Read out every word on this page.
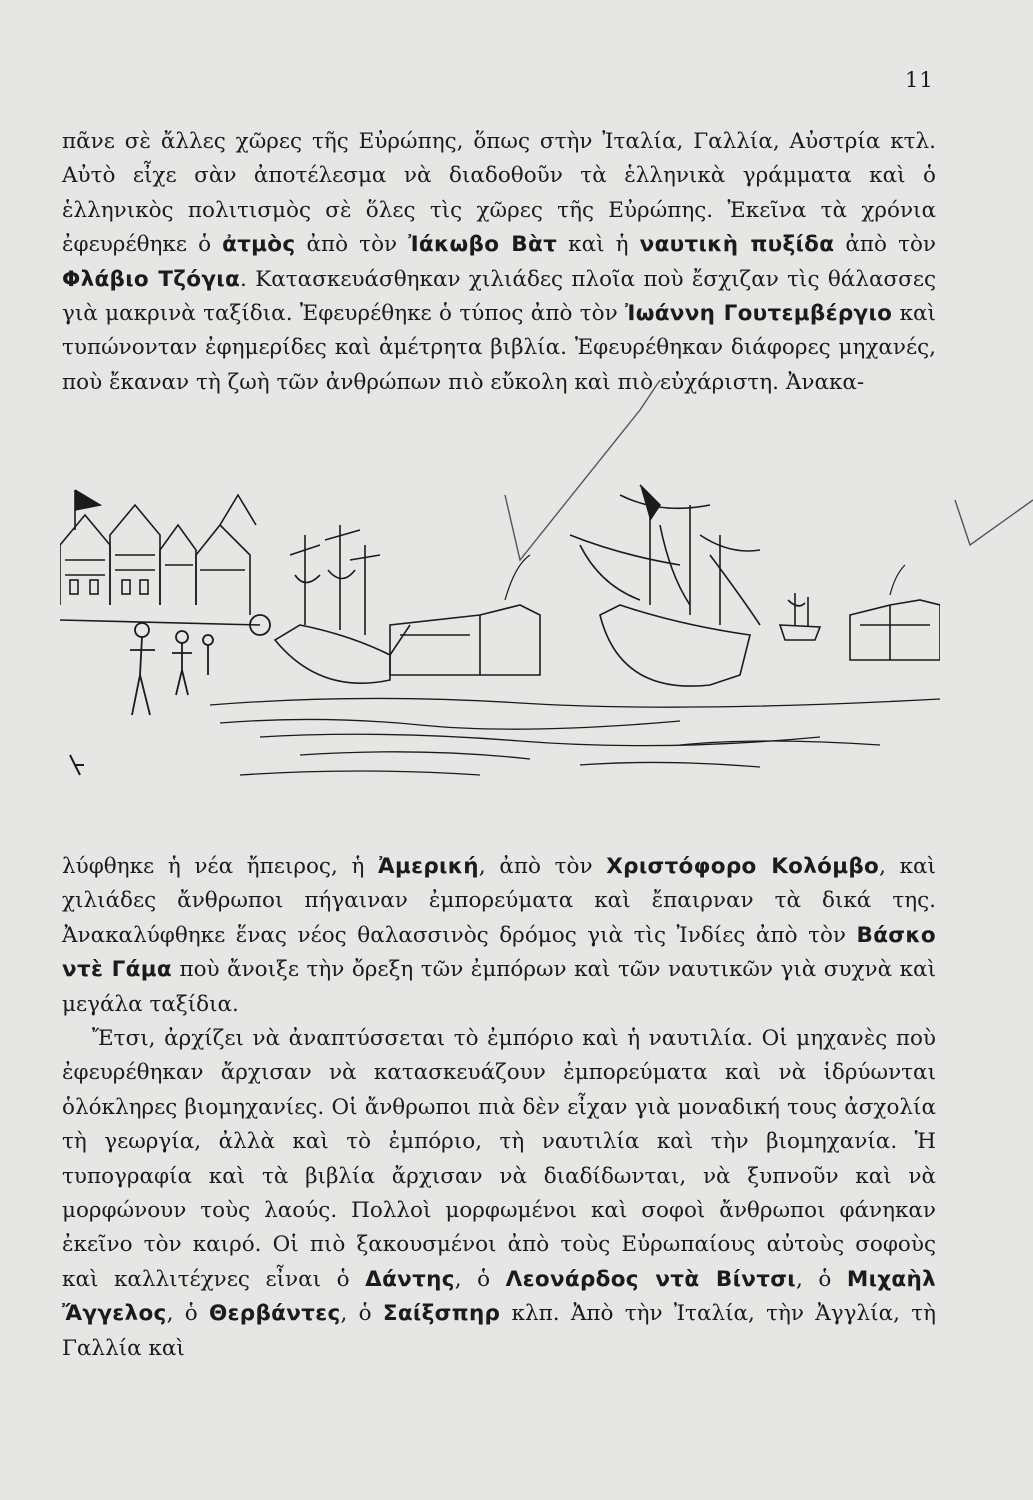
11

πᾶνε σὲ ἄλλες χῶρες τῆς Εὐρώπης, ὅπως στὴν Ἰταλία, Γαλλία, Αὐστρία κτλ. Αὐτὸ εἶχε σὰν ἀποτέλεσμα νὰ διαδοθοῦν τὰ ἑλληνικὰ γράμματα καὶ ὁ ἑλληνικὸς πολιτισμὸς σὲ ὅλες τὶς χῶρες τῆς Εὐρώπης. Ἐκεῖνα τὰ χρόνια ἐφευρέθηκε ὁ ἀτμὸς ἀπὸ τὸν Ἰάκωβο Βὰτ καὶ ἡ ναυτικὴ πυξίδα ἀπὸ τὸν Φλάβιο Τζόγια. Κατασκευάσθηκαν χιλιάδες πλοῖα ποὺ ἔσχιζαν τὶς θάλασσες γιὰ μακρινὰ ταξίδια. Ἐφευρέθηκε ὁ τύπος ἀπὸ τὸν Ἰωάννη Γουτεμβέργιο καὶ τυπώνονταν ἐφημερίδες καὶ ἀμέτρητα βιβλία. Ἐφευρέθηκαν διάφορες μηχανές, ποὺ ἔκαναν τὴ ζωὴ τῶν ἀνθρώπων πιὸ εὔκολη καὶ πιὸ εὐχάριστη. Ἀνακα-

λύφθηκε ἡ νέα ἤπειρος, ἡ Ἀμερική, ἀπὸ τὸν Χριστόφορο Κολόμβο, καὶ χιλιάδες ἄνθρωποι πήγαιναν ἐμπορεύματα καὶ ἔπαιρναν τὰ δικά της. Ἀνακαλύφθηκε ἕνας νέος θαλασσινὸς δρόμος γιὰ τὶς Ἰνδίες ἀπὸ τὸν Βάσκο ντὲ Γάμα ποὺ ἄνοιξε τὴν ὄρεξη τῶν ἐμπόρων καὶ τῶν ναυτικῶν γιὰ συχνὰ καὶ μεγάλα ταξίδια.

Ἔτσι, ἀρχίζει νὰ ἀναπτύσσεται τὸ ἐμπόριο καὶ ἡ ναυτιλία. Οἱ μηχανὲς ποὺ ἐφευρέθηκαν ἄρχισαν νὰ κατασκευάζουν ἐμπορεύματα καὶ νὰ ἱδρύωνται ὁλόκληρες βιομηχανίες. Οἱ ἄνθρωποι πιὰ δὲν εἶχαν γιὰ μοναδική τους ἀσχολία τὴ γεωργία, ἀλλὰ καὶ τὸ ἐμπόριο, τὴ ναυτιλία καὶ τὴν βιομηχανία. Ἡ τυπογραφία καὶ τὰ βιβλία ἄρχισαν νὰ διαδίδωνται, νὰ ξυπνοῦν καὶ νὰ μορφώνουν τοὺς λαούς. Πολλοὶ μορφωμένοι καὶ σοφοὶ ἄνθρωποι φάνηκαν ἐκεῖνο τὸν καιρό. Οἱ πιὸ ξακουσμένοι ἀπὸ τοὺς Εὐρωπαίους αὐτοὺς σοφοὺς καὶ καλλιτέχνες εἶναι ὁ Δάντης, ὁ Λεονάρδος ντὰ Βίντσι, ὁ Μιχαὴλ Ἄγγελος, ὁ Θερβάντες, ὁ Σαίξσπηρ κλπ. Ἀπὸ τὴν Ἰταλία, τὴν Ἀγγλία, τὴ Γαλλία καὶ
